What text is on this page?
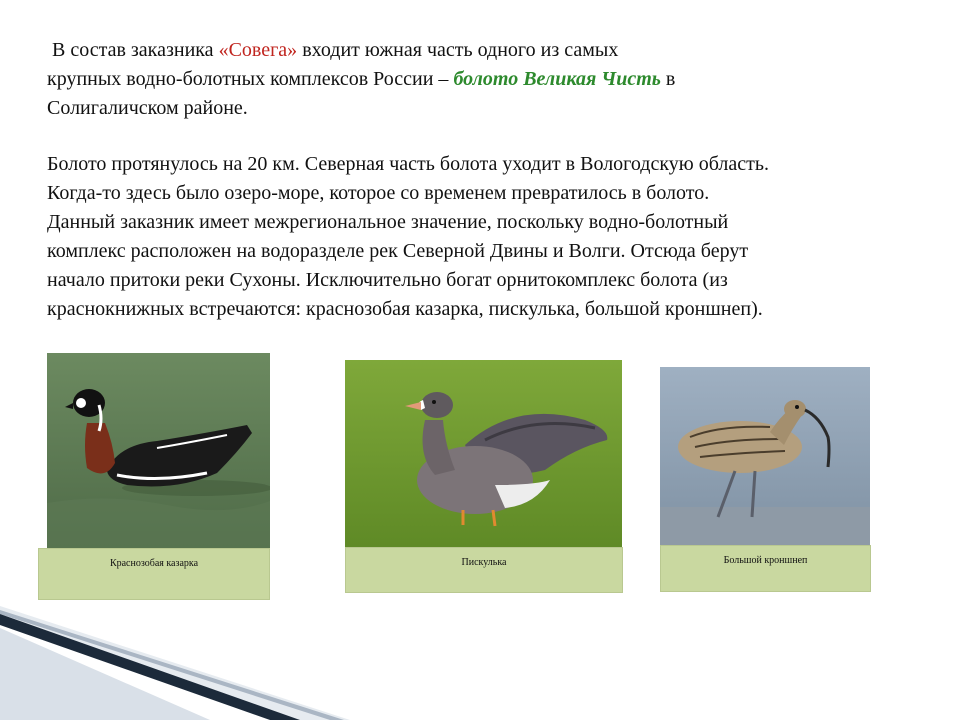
В состав заказника «Совега» входит южная часть одного из самых
крупных водно-болотных комплексов России – болото Великая Чисть в
Солигаличском районе.

Болото протянулось на 20 км. Северная часть болота уходит в Вологодскую область.
Когда-то здесь было озеро-море, которое со временем превратилось в болото.
Данный заказник имеет межрегиональное значение, поскольку водно-болотный
комплекс расположен на водоразделе рек Северной Двины и Волги. Отсюда берут
начало притоки реки Сухоны. Исключительно богат орнитокомплекс болота (из
краснокнижных встречаются: краснозобая казарка, пискулька, большой кроншнеп).

Краснозобая казарка	Пискулька	Большой кроншнеп
